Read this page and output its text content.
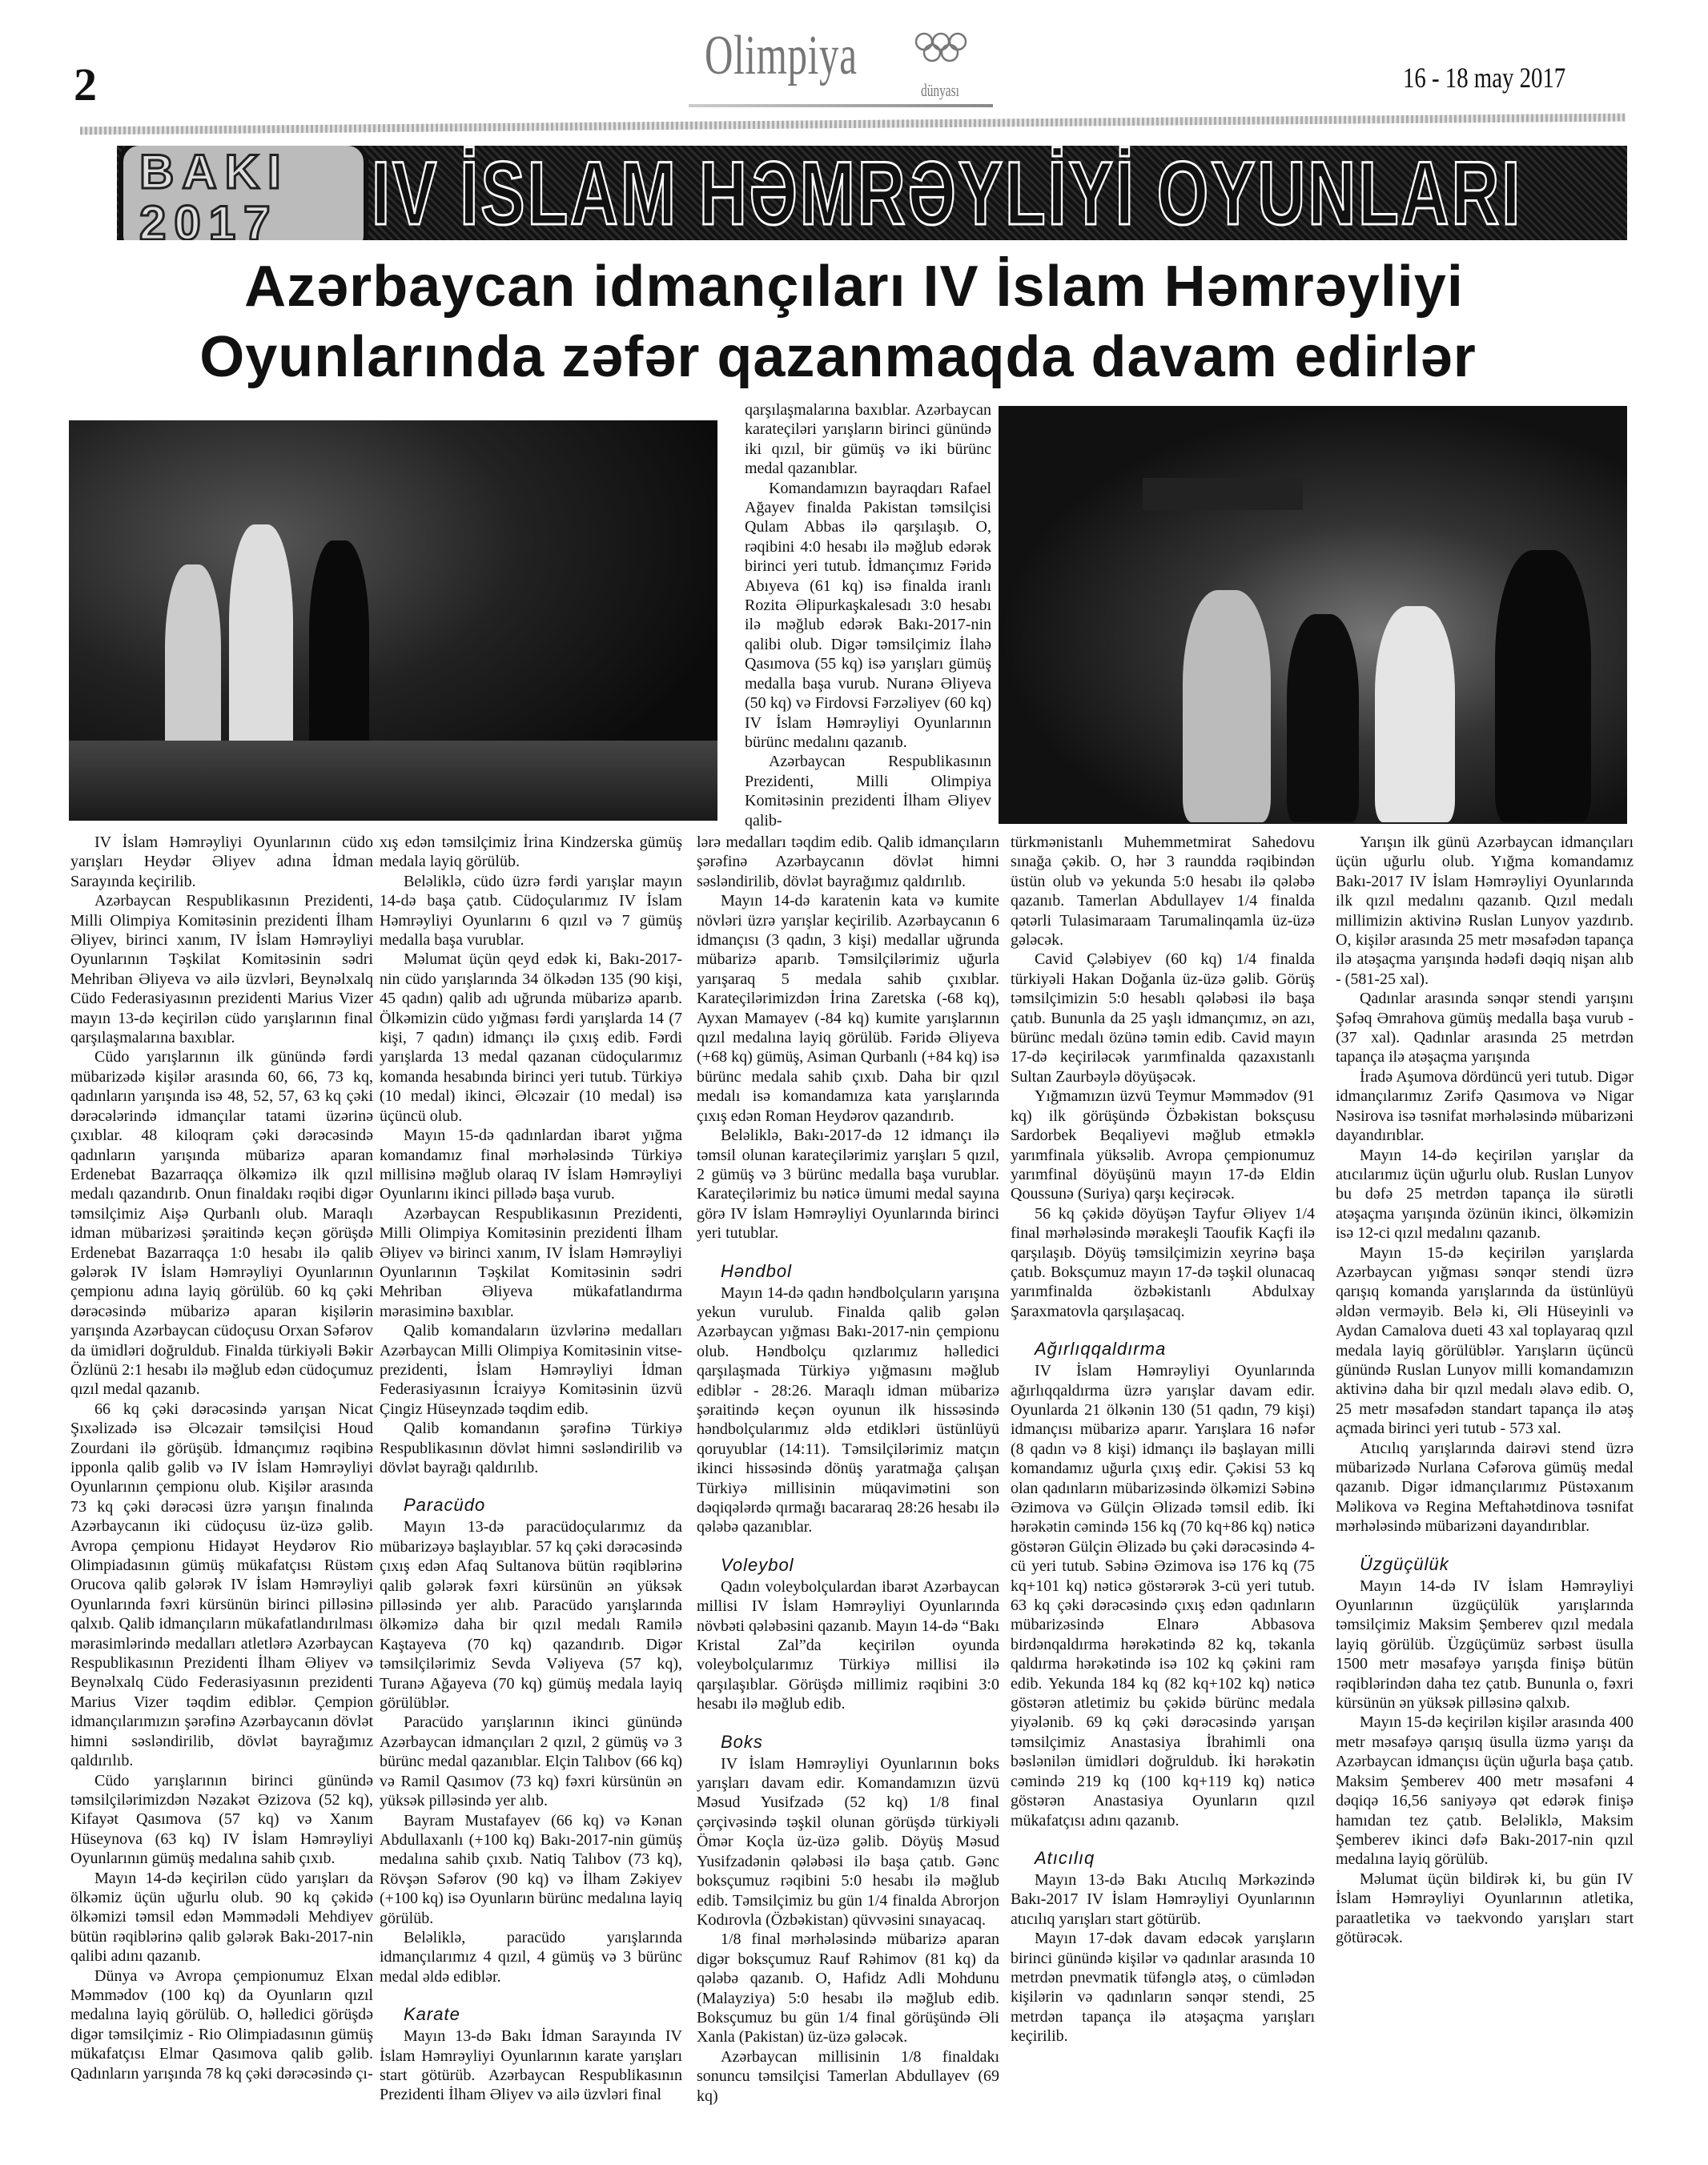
2	Olimpiya
dünyası	16 - 18 may 2017
BAKI
2017 IV İSLAM HƏMRƏYLİYİ OYUNLARI
Azərbaycan idmançıları IV İslam Həmrəyliyi
Oyunlarında zəfər qazanmaqda davam edirlər

IV İslam Həmrəyliyi Oyunlarının cüdo yarışları Heydər Əliyev adına İdman Sarayında keçirilib.

Azərbaycan Respublikasının Prezidenti, Milli Olimpiya Komitəsinin prezidenti İlham Əliyev, birinci xanım, IV İslam Həmrəyliyi Oyunlarının Təşkilat Komitəsinin sədri Mehriban Əliyeva və ailə üzvləri, Beynəlxalq Cüdo Federasiyasının prezidenti Marius Vizer mayın 13-də keçirilən cüdo yarışlarının final qarşılaşmalarına baxıblar.

Cüdo yarışlarının ilk günündə fərdi mübarizədə kişilər arasında 60, 66, 73 kq, qadınların yarışında isə 48, 52, 57, 63 kq çəki dərəcələrində idmançılar tatami üzərinə çıxıblar. 48 kiloqram çəki dərəcəsində qadınların yarışında mübarizə aparan Erdenebat Bazarraqça ölkəmizə ilk qızıl medalı qazandırıb. Onun finaldakı rəqibi digər təmsilçimiz Aişə Qurbanlı olub. Maraqlı idman mübarizəsi şəraitində keçən görüşdə Erdenebat Bazarraqça 1:0 hesabı ilə qalib gələrək IV İslam Həmrəyliyi Oyunlarının çempionu adına layiq görülüb. 60 kq çəki dərəcəsində mübarizə aparan kişilərin yarışında Azərbaycan cüdoçusu Orxan Səfərov da ümidləri doğruldub. Finalda türkiyəli Bəkir Özlünü 2:1 hesabı ilə məğlub edən cüdoçumuz qızıl medal qazanıb.

66 kq çəki dərəcəsində yarışan Nicat Şıxəlizadə isə Əlcəzair təmsilçisi Houd Zourdani ilə görüşüb. İdmançımız rəqibinə ipponla qalib gəlib və IV İslam Həmrəyliyi Oyunlarının çempionu olub. Kişilər arasında 73 kq çəki dərəcəsi üzrə yarışın finalında Azərbaycanın iki cüdoçusu üz-üzə gəlib. Avropa çempionu Hidayət Heydərov Rio Olimpiadasının gümüş mükafatçısı Rüstəm Orucova qalib gələrək IV İslam Həmrəyliyi Oyunlarında fəxri kürsünün birinci pilləsinə qalxıb. Qalib idmançıların mükafatlandırılması mərasimlərində medalları atletlərə Azərbaycan Respublikasının Prezidenti İlham Əliyev və Beynəlxalq Cüdo Federasiyasının prezidenti Marius Vizer təqdim ediblər. Çempion idmançılarımızın şərəfinə Azərbaycanın dövlət himni səsləndirilib, dövlət bayrağımız qaldırılıb.

Cüdo yarışlarının birinci günündə təmsilçilərimizdən Nəzakət Əzizova (52 kq), Kifayət Qasımova (57 kq) və Xanım Hüseynova (63 kq) IV İslam Həmrəyliyi Oyunlarının gümüş medalına sahib çıxıb.

Mayın 14-də keçirilən cüdo yarışları da ölkəmiz üçün uğurlu olub. 90 kq çəkidə ölkəmizi təmsil edən Məmmədəli Mehdiyev bütün rəqiblərinə qalib gələrək Bakı-2017-nin qalibi adını qazanıb.

Dünya və Avropa çempionumuz Elxan Məmmədov (100 kq) da Oyunların qızıl medalına layiq görülüb. O, həlledici görüşdə digər təmsilçimiz - Rio Olimpiadasının gümüş mükafatçısı Elmar Qasımova qalib gəlib. Qadınların yarışında 78 kq çəki dərəcəsində çı-

xış edən təmsilçimiz İrina Kindzerska gümüş medala layiq görülüb.

Beləliklə, cüdo üzrə fərdi yarışlar mayın 14-də başa çatıb. Cüdoçularımız IV İslam Həmrəyliyi Oyunlarını 6 qızıl və 7 gümüş medalla başa vurublar.

Məlumat üçün qeyd edək ki, Bakı-2017-nin cüdo yarışlarında 34 ölkədən 135 (90 kişi, 45 qadın) qalib adı uğrunda mübarizə aparıb. Ölkəmizin cüdo yığması fərdi yarışlarda 14 (7 kişi, 7 qadın) idmançı ilə çıxış edib. Fərdi yarışlarda 13 medal qazanan cüdoçularımız komanda hesabında birinci yeri tutub. Türkiyə (10 medal) ikinci, Əlcəzair (10 medal) isə üçüncü olub.

Mayın 15-də qadınlardan ibarət yığma komandamız final mərhələsində Türkiyə millisinə məğlub olaraq IV İslam Həmrəyliyi Oyunlarını ikinci pillədə başa vurub.

Azərbaycan Respublikasının Prezidenti, Milli Olimpiya Komitəsinin prezidenti İlham Əliyev və birinci xanım, IV İslam Həmrəyliyi Oyunlarının Təşkilat Komitəsinin sədri Mehriban Əliyeva mükafatlandırma mərasiminə baxıblar.

Qalib komandaların üzvlərinə medalları Azərbaycan Milli Olimpiya Komitəsinin vitse-prezidenti, İslam Həmrəyliyi İdman Federasiyasının İcraiyyə Komitəsinin üzvü Çingiz Hüseynzadə təqdim edib.

Qalib komandanın şərəfinə Türkiyə Respublikasının dövlət himni səsləndirilib və dövlət bayrağı qaldırılıb.

Paracüdo

Mayın 13-də paracüdoçularımız da mübarizəyə başlayıblar. 57 kq çəki dərəcəsində çıxış edən Afaq Sultanova bütün rəqiblərinə qalib gələrək fəxri kürsünün ən yüksək pilləsində yer alıb. Paracüdo yarışlarında ölkəmizə daha bir qızıl medalı Ramilə Kaştayeva (70 kq) qazandırıb. Digər təmsilçilərimiz Sevda Vəliyeva (57 kq), Turanə Ağayeva (70 kq) gümüş medala layiq görülüblər.

Paracüdo yarışlarının ikinci günündə Azərbaycan idmançıları 2 qızıl, 2 gümüş və 3 bürünc medal qazanıblar. Elçin Talıbov (66 kq) və Ramil Qasımov (73 kq) fəxri kürsünün ən yüksək pilləsində yer alıb.

Bayram Mustafayev (66 kq) və Kənan Abdullaxanlı (+100 kq) Bakı-2017-nin gümüş medalına sahib çıxıb. Natiq Talıbov (73 kq), Rövşən Səfərov (90 kq) və İlham Zəkiyev (+100 kq) isə Oyunların bürünc medalına layiq görülüb.

Beləliklə, paracüdo yarışlarında idmançılarımız 4 qızıl, 4 gümüş və 3 bürünc medal əldə ediblər.

Karate

Mayın 13-də Bakı İdman Sarayında IV İslam Həmrəyliyi Oyunlarının karate yarışları start götürüb. Azərbaycan Respublikasının Prezidenti İlham Əliyev və ailə üzvləri final

qarşılaşmalarına baxıblar. Azərbaycan karateçiləri yarışların birinci günündə iki qızıl, bir gümüş və iki bürünc medal qazanıblar.

Komandamızın bayraqdarı Rafael Ağayev finalda Pakistan təmsilçisi Qulam Abbas ilə qarşılaşıb. O, rəqibini 4:0 hesabı ilə məğlub edərək birinci yeri tutub. İdmançımız Fəridə Abıyeva (61 kq) isə finalda iranlı Rozita Əlipurkaşkalesadı 3:0 hesabı ilə məğlub edərək Bakı-2017-nin qalibi olub. Digər təmsilçimiz İlahə Qasımova (55 kq) isə yarışları gümüş medalla başa vurub. Nuranə Əliyeva (50 kq) və Firdovsi Fərzəliyev (60 kq) IV İslam Həmrəyliyi Oyunlarının bürünc medalını qazanıb.

Azərbaycan Respublikasının Prezidenti, Milli Olimpiya Komitəsinin prezidenti İlham Əliyev qalib-

lərə medalları təqdim edib. Qalib idmançıların şərəfinə Azərbaycanın dövlət himni səsləndirilib, dövlət bayrağımız qaldırılıb.

Mayın 14-də karatenin kata və kumite növləri üzrə yarışlar keçirilib. Azərbaycanın 6 idmançısı (3 qadın, 3 kişi) medallar uğrunda mübarizə aparıb. Təmsilçilərimiz uğurla yarışaraq 5 medala sahib çıxıblar. Karateçilərimizdən İrina Zaretska (-68 kq), Ayxan Mamayev (-84 kq) kumite yarışlarının qızıl medalına layiq görülüb. Fəridə Əliyeva (+68 kq) gümüş, Asiman Qurbanlı (+84 kq) isə bürünc medala sahib çıxıb. Daha bir qızıl medalı isə komandamıza kata yarışlarında çıxış edən Roman Heydərov qazandırıb.

Beləliklə, Bakı-2017-də 12 idmançı ilə təmsil olunan karateçilərimiz yarışları 5 qızıl, 2 gümüş və 3 bürünc medalla başa vurublar. Karateçilərimiz bu nəticə ümumi medal sayına görə IV İslam Həmrəyliyi Oyunlarında birinci yeri tutublar.

Həndbol

Mayın 14-də qadın həndbolçuların yarışına yekun vurulub. Finalda qalib gələn Azərbaycan yığması Bakı-2017-nin çempionu olub. Həndbolçu qızlarımız həlledici qarşılaşmada Türkiyə yığmasını məğlub ediblər - 28:26. Maraqlı idman mübarizə şəraitində keçən oyunun ilk hissəsində həndbolçularımız əldə etdikləri üstünlüyü qoruyublar (14:11). Təmsilçilərimiz matçın ikinci hissəsində dönüş yaratmağa çalışan Türkiyə millisinin müqavimətini son dəqiqələrdə qırmağı bacararaq 28:26 hesabı ilə qələbə qazanıblar.

Voleybol

Qadın voleybolçulardan ibarət Azərbaycan millisi IV İslam Həmrəyliyi Oyunlarında növbəti qələbəsini qazanıb. Mayın 14-də “Bakı Kristal Zal”da keçirilən oyunda voleybolçularımız Türkiyə millisi ilə qarşılaşıblar. Görüşdə millimiz rəqibini 3:0 hesabı ilə məğlub edib.

Boks

IV İslam Həmrəyliyi Oyunlarının boks yarışları davam edir. Komandamızın üzvü Məsud Yusifzadə (52 kq) 1/8 final çərçivəsində təşkil olunan görüşdə türkiyəli Ömər Koçla üz-üzə gəlib. Döyüş Məsud Yusifzadənin qələbəsi ilə başa çatıb. Gənc boksçumuz rəqibini 5:0 hesabı ilə məğlub edib. Təmsilçimiz bu gün 1/4 finalda Abrorjon Kodırovla (Özbəkistan) qüvvəsini sınayacaq.

1/8 final mərhələsində mübarizə aparan digər boksçumuz Rauf Rəhimov (81 kq) da qələbə qazanıb. O, Hafidz Adli Mohdunu (Malayziya) 5:0 hesabı ilə məğlub edib. Boksçumuz bu gün 1/4 final görüşündə Əli Xanla (Pakistan) üz-üzə gələcək.

Azərbaycan millisinin 1/8 finaldakı sonuncu təmsilçisi Tamerlan Abdullayev (69 kq)

türkmənistanlı Muhemmetmirat Sahedovu sınağa çəkib. O, hər 3 raundda rəqibindən üstün olub və yekunda 5:0 hesabı ilə qələbə qazanıb. Tamerlan Abdullayev 1/4 finalda qətərli Tulasimaraam Tarumalinqamla üz-üzə gələcək.

Cavid Çələbiyev (60 kq) 1/4 finalda türkiyəli Hakan Doğanla üz-üzə gəlib. Görüş təmsilçimizin 5:0 hesablı qələbəsi ilə başa çatıb. Bununla da 25 yaşlı idmançımız, ən azı, bürünc medalı özünə təmin edib. Cavid mayın 17-də keçiriləcək yarımfinalda qazaxıstanlı Sultan Zaurbəylə döyüşəcək.

Yığmamızın üzvü Teymur Məmmədov (91 kq) ilk görüşündə Özbəkistan boksçusu Sardorbek Beqaliyevi məğlub etməklə yarımfinala yüksəlib. Avropa çempionumuz yarımfinal döyüşünü mayın 17-də Eldin Qoussunə (Suriya) qarşı keçirəcək.

56 kq çəkidə döyüşən Tayfur Əliyev 1/4 final mərhələsində mərakeşli Taoufik Kaçfi ilə qarşılaşıb. Döyüş təmsilçimizin xeyrinə başa çatıb. Boksçumuz mayın 17-də təşkil olunacaq yarımfinalda özbəkistanlı Abdulxay Şaraxmatovla qarşılaşacaq.

Ağırlıqqaldırma

IV İslam Həmrəyliyi Oyunlarında ağırlıqqaldırma üzrə yarışlar davam edir. Oyunlarda 21 ölkənin 130 (51 qadın, 79 kişi) idmançısı mübarizə aparır. Yarışlara 16 nəfər (8 qadın və 8 kişi) idmançı ilə başlayan milli komandamız uğurla çıxış edir. Çəkisi 53 kq olan qadınların mübarizəsində ölkəmizi Səbinə Əzimova və Gülçin Əlizadə təmsil edib. İki hərəkətin cəmində 156 kq (70 kq+86 kq) nəticə göstərən Gülçin Əlizadə bu çəki dərəcəsində 4-cü yeri tutub. Səbinə Əzimova isə 176 kq (75 kq+101 kq) nəticə göstərərək 3-cü yeri tutub. 63 kq çəki dərəcəsində çıxış edən qadınların mübarizəsində Elnarə Abbasova birdənqaldırma hərəkətində 82 kq, təkanla qaldırma hərəkətində isə 102 kq çəkini ram edib. Yekunda 184 kq (82 kq+102 kq) nəticə göstərən atletimiz bu çəkidə bürünc medala yiyələnib. 69 kq çəki dərəcəsində yarışan təmsilçimiz Anastasiya İbrahimli ona bəslənilən ümidləri doğruldub. İki hərəkətin cəmində 219 kq (100 kq+119 kq) nəticə göstərən Anastasiya Oyunların qızıl mükafatçısı adını qazanıb.

Atıcılıq

Mayın 13-də Bakı Atıcılıq Mərkəzində Bakı-2017 IV İslam Həmrəyliyi Oyunlarının atıcılıq yarışları start götürüb.

Mayın 17-dək davam edəcək yarışların birinci günündə kişilər və qadınlar arasında 10 metrdən pnevmatik tüfənglə atəş, o cümlədən kişilərin və qadınların sənqər stendi, 25 metrdən tapança ilə atəşaçma yarışları keçirilib.

Yarışın ilk günü Azərbaycan idmançıları üçün uğurlu olub. Yığma komandamız Bakı-2017 IV İslam Həmrəyliyi Oyunlarında ilk qızıl medalını qazanıb. Qızıl medalı millimizin aktivinə Ruslan Lunyov yazdırıb. O, kişilər arasında 25 metr məsafədən tapança ilə atəşaçma yarışında hədəfi dəqiq nişan alıb - (581-25 xal).

Qadınlar arasında sənqər stendi yarışını Şəfəq Əmrahova gümüş medalla başa vurub - (37 xal). Qadınlar arasında 25 metrdən tapança ilə atəşaçma yarışında

İradə Aşumova dördüncü yeri tutub. Digər idmançılarımız Zərifə Qasımova və Nigar Nəsirova isə təsnifat mərhələsində mübarizəni dayandırıblar.

Mayın 14-də keçirilən yarışlar da atıcılarımız üçün uğurlu olub. Ruslan Lunyov bu dəfə 25 metrdən tapança ilə sürətli atəşaçma yarışında özünün ikinci, ölkəmizin isə 12-ci qızıl medalını qazanıb.

Mayın 15-də keçirilən yarışlarda Azərbaycan yığması sənqər stendi üzrə qarışıq komanda yarışlarında da üstünlüyü əldən verməyib. Belə ki, Əli Hüseyinli və Aydan Camalova dueti 43 xal toplayaraq qızıl medala layiq görülüblər. Yarışların üçüncü günündə Ruslan Lunyov milli komandamızın aktivinə daha bir qızıl medalı əlavə edib. O, 25 metr məsafədən standart tapança ilə atəş açmada birinci yeri tutub - 573 xal.

Atıcılıq yarışlarında dairəvi stend üzrə mübarizədə Nurlana Cəfərova gümüş medal qazanıb. Digər idmançılarımız Püstəxanım Məlikova və Regina Meftahətdinova təsnifat mərhələsində mübarizəni dayandırıblar.

Üzgüçülük

Mayın 14-də IV İslam Həmrəyliyi Oyunlarının üzgüçülük yarışlarında təmsilçimiz Maksim Şemberev qızıl medala layiq görülüb. Üzgüçümüz sərbəst üsulla 1500 metr məsafəyə yarışda finişə bütün rəqiblərindən daha tez çatıb. Bununla o, fəxri kürsünün ən yüksək pilləsinə qalxıb.

Mayın 15-də keçirilən kişilər arasında 400 metr məsafəyə qarışıq üsulla üzmə yarışı da Azərbaycan idmançısı üçün uğurla başa çatıb. Maksim Şemberev 400 metr məsafəni 4 dəqiqə 16,56 saniyəyə qət edərək finişə hamıdan tez çatıb. Beləliklə, Maksim Şemberev ikinci dəfə Bakı-2017-nin qızıl medalına layiq görülüb.

Məlumat üçün bildirək ki, bu gün IV İslam Həmrəyliyi Oyunlarının atletika, paraatletika və taekvondo yarışları start götürəcək.
